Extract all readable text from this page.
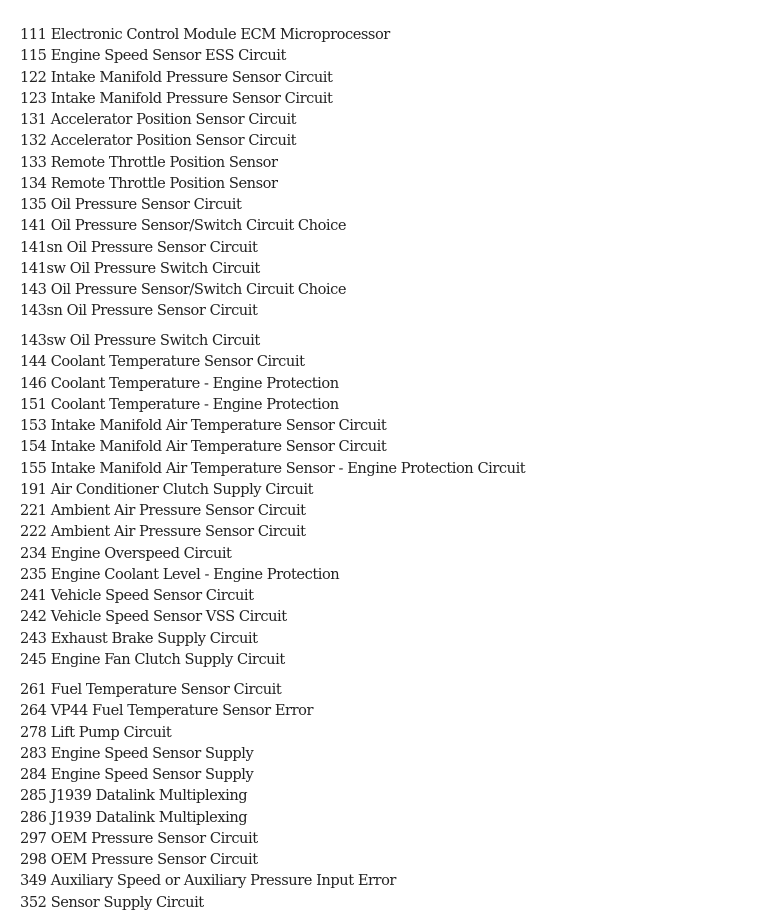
111 Electronic Control Module ECM Microprocessor
115 Engine Speed Sensor ESS Circuit
122 Intake Manifold Pressure Sensor Circuit
123 Intake Manifold Pressure Sensor Circuit
131 Accelerator Position Sensor Circuit
132 Accelerator Position Sensor Circuit
133 Remote Throttle Position Sensor
134 Remote Throttle Position Sensor
135 Oil Pressure Sensor Circuit
141 Oil Pressure Sensor/Switch Circuit Choice
141sn Oil Pressure Sensor Circuit
141sw Oil Pressure Switch Circuit
143 Oil Pressure Sensor/Switch Circuit Choice
143sn Oil Pressure Sensor Circuit
143sw Oil Pressure Switch Circuit
144 Coolant Temperature Sensor Circuit
146 Coolant Temperature - Engine Protection
151 Coolant Temperature - Engine Protection
153 Intake Manifold Air Temperature Sensor Circuit
154 Intake Manifold Air Temperature Sensor Circuit
155 Intake Manifold Air Temperature Sensor - Engine Protection Circuit
191 Air Conditioner Clutch Supply Circuit
221 Ambient Air Pressure Sensor Circuit
222 Ambient Air Pressure Sensor Circuit
234 Engine Overspeed Circuit
235 Engine Coolant Level - Engine Protection
241 Vehicle Speed Sensor Circuit
242 Vehicle Speed Sensor VSS Circuit
243 Exhaust Brake Supply Circuit
245 Engine Fan Clutch Supply Circuit
261 Fuel Temperature Sensor Circuit
264 VP44 Fuel Temperature Sensor Error
278 Lift Pump Circuit
283 Engine Speed Sensor Supply
284 Engine Speed Sensor Supply
285 J1939 Datalink Multiplexing
286 J1939 Datalink Multiplexing
297 OEM Pressure Sensor Circuit
298 OEM Pressure Sensor Circuit
349 Auxiliary Speed or Auxiliary Pressure Input Error
352 Sensor Supply Circuit
